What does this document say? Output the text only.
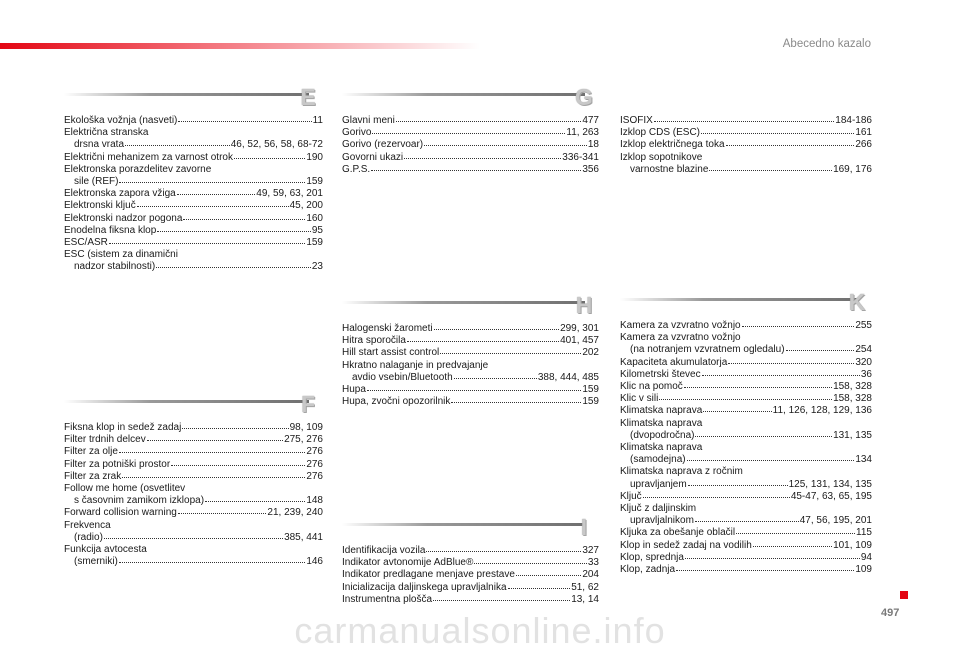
Abecedno kazalo
E
Ekološka vožnja (nasveti)	11
Električna stranska
drsna vrata	46, 52, 56, 58, 68-72
Električni mehanizem za varnost otrok	190
Elektronska porazdelitev zavorne
sile (REF)	159
Elektronska zapora vžiga	49, 59, 63, 201
Elektronski ključ	45, 200
Elektronski nadzor pogona	160
Enodelna fiksna klop	95
ESC/ASR	159
ESC (sistem za dinamični
nadzor stabilnosti)	23
F
Fiksna klop in sedež zadaj	98, 109
Filter trdnih delcev	275, 276
Filter za olje	276
Filter za potniški prostor	276
Filter za zrak	276
Follow me home (osvetlitev
s časovnim zamikom izklopa)	148
Forward collision warning	21, 239, 240
Frekvenca
(radio)	385, 441
Funkcija avtocesta
(smerniki)	146
G
Glavni meni	477
Gorivo	11, 263
Gorivo (rezervoar)	18
Govorni ukazi	336-341
G.P.S.	356
H
Halogenski žarometi	299, 301
Hitra sporočila	401, 457
Hill start assist control	202
Hkratno nalaganje in predvajanje
avdio vsebin/Bluetooth	388, 444, 485
Hupa	159
Hupa, zvočni opozorilnik	159
I
Identifikacija vozila	327
Indikator avtonomije AdBlue®	33
Indikator predlagane menjave prestave	204
Inicializacija daljinskega upravljalnika	51, 62
Instrumentna plošča	13, 14
ISOFIX	184-186
Izklop CDS (ESC)	161
Izklop električnega toka	266
Izklop sopotnikove
varnostne blazine	169, 176
K
Kamera za vzvratno vožnjo	255
Kamera za vzvratno vožnjo
(na notranjem vzvratnem ogledalu)	254
Kapaciteta akumulatorja	320
Kilometrski števec	36
Klic na pomoč	158, 328
Klic v sili	158, 328
Klimatska naprava	11, 126, 128, 129, 136
Klimatska naprava
(dvopodročna)	131, 135
Klimatska naprava
(samodejna)	134
Klimatska naprava z ročnim
upravljanjem	125, 131, 134, 135
Ključ	45-47, 63, 65, 195
Ključ z daljinskim
upravljalnikom	47, 56, 195, 201
Kljuka za obešanje oblačil	115
Klop in sedež zadaj na vodilih	101, 109
Klop, sprednja	94
Klop, zadnja	109
497
carmanualsonline.info
